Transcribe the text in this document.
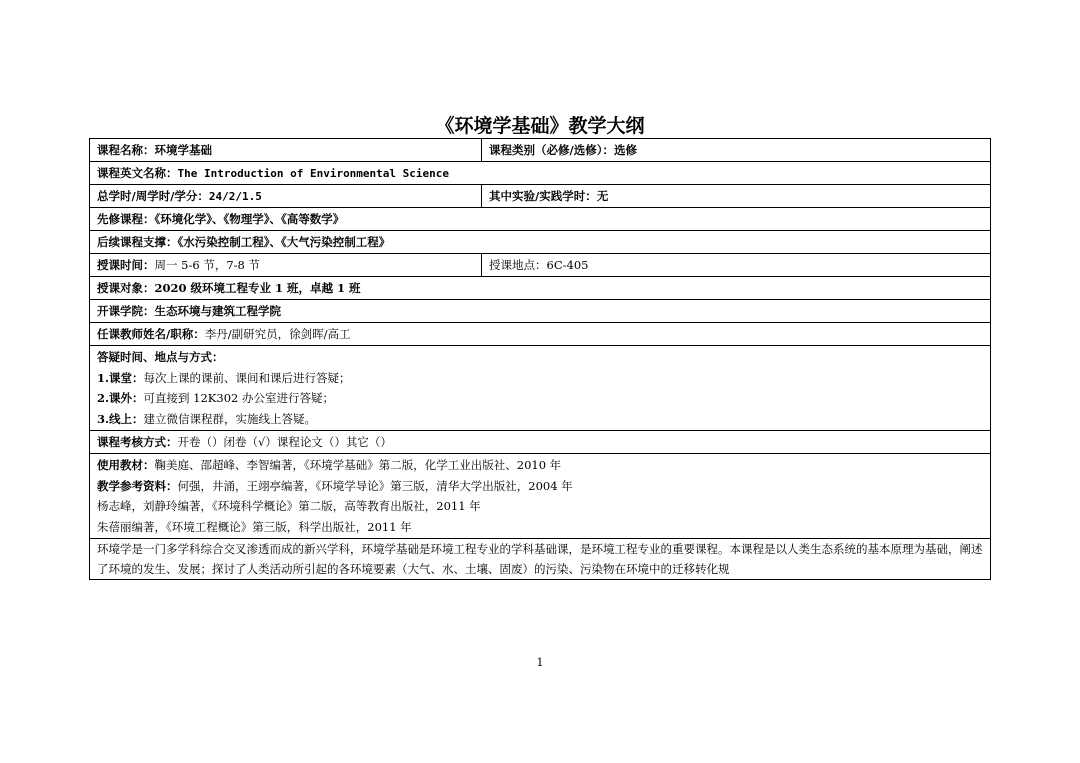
《环境学基础》教学大纲
课程名称：环境学基础	课程类别（必修/选修）：选修
课程英文名称：The Introduction of Environmental Science	
总学时/周学时/学分：24/2/1.5	其中实验/实践学时：无
先修课程：《环境化学》、《物理学》、《高等数学》	
后续课程支撑：《水污染控制工程》、《大气污染控制工程》	
授课时间：周一 5-6 节，7-8 节	授课地点：6C-405
授课对象：2020 级环境工程专业 1 班，卓越 1 班	
开课学院：生态环境与建筑工程学院	
任课教师姓名/职称：李丹/副研究员，徐剑晖/高工	

答疑时间、地点与方式：
1.课堂：每次上课的课前、课间和课后进行答疑；
2.课外：可直接到 12K302 办公室进行答疑；
3.线上：建立微信课程群，实施线上答疑。	

课程考核方式：开卷（）闭卷（√）课程论文（）其它（）	

使用教材：鞠美庭、邵超峰、李智编著，《环境学基础》第二版，化学工业出版社、2010 年
教学参考资料：何强，井涌，王翊亭编著，《环境学导论》第三版，清华大学出版社，2004 年
杨志峰，刘静玲编著，《环境科学概论》第二版，高等教育出版社，2011 年
朱蓓丽编著，《环境工程概论》第三版，科学出版社，2011 年	

环境学是一门多学科综合交叉渗透而成的新兴学科，环境学基础是环境工程专业的学科基础课，是环境工程专业的重要课程。本课程是以人类生态系统的基本原理为基础，阐述了环境的发生、发展；探讨了人类活动所引起的各环境要素（大气、水、土壤、固废）的污染、污染物在环境中的迁移转化规	
1
